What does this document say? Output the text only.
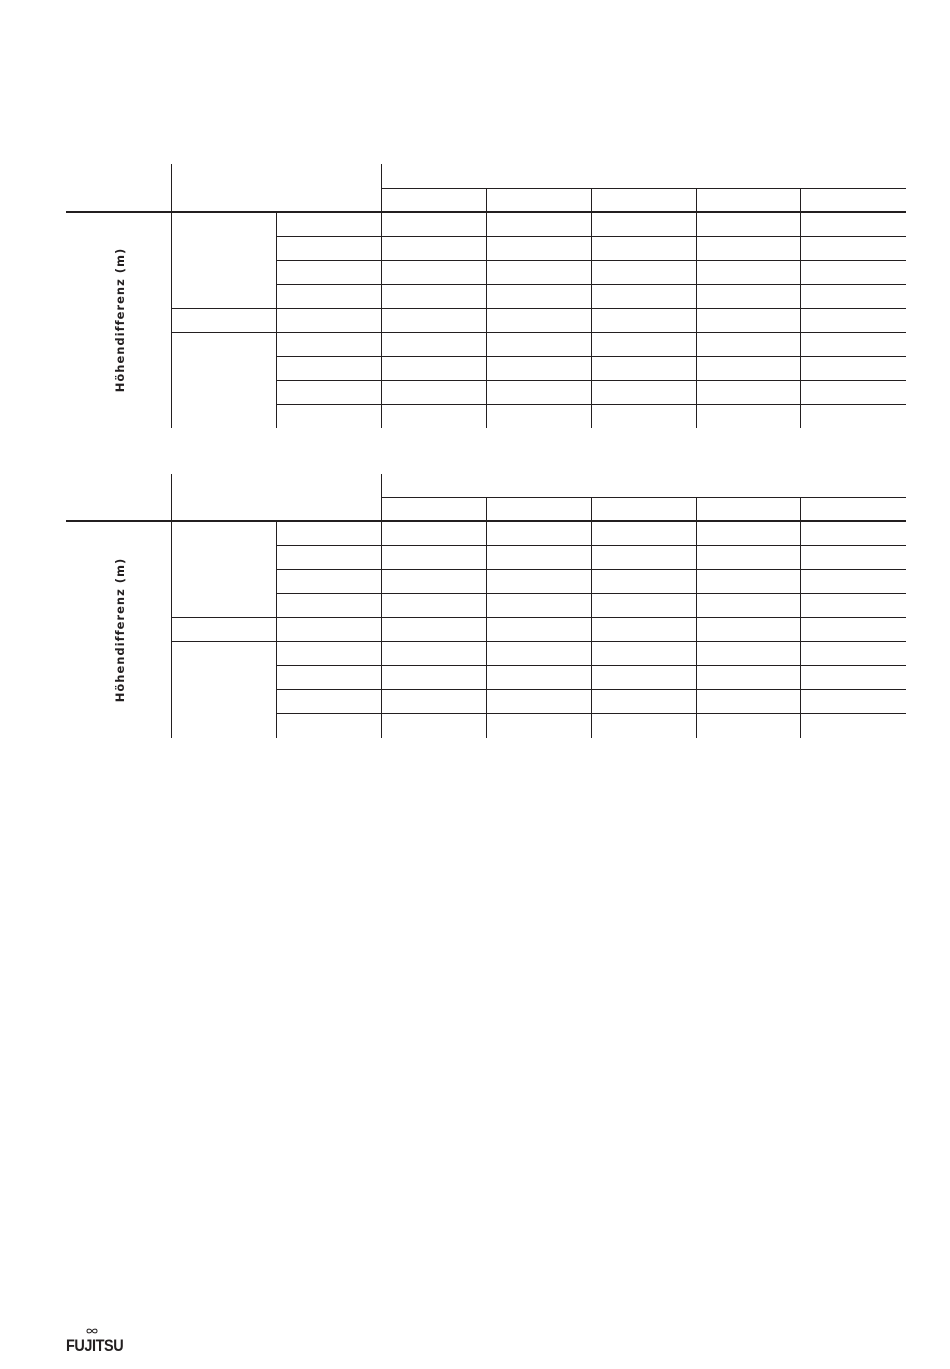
Höhendifferenz (m)
Höhendifferenz (m)
FUJITSU
